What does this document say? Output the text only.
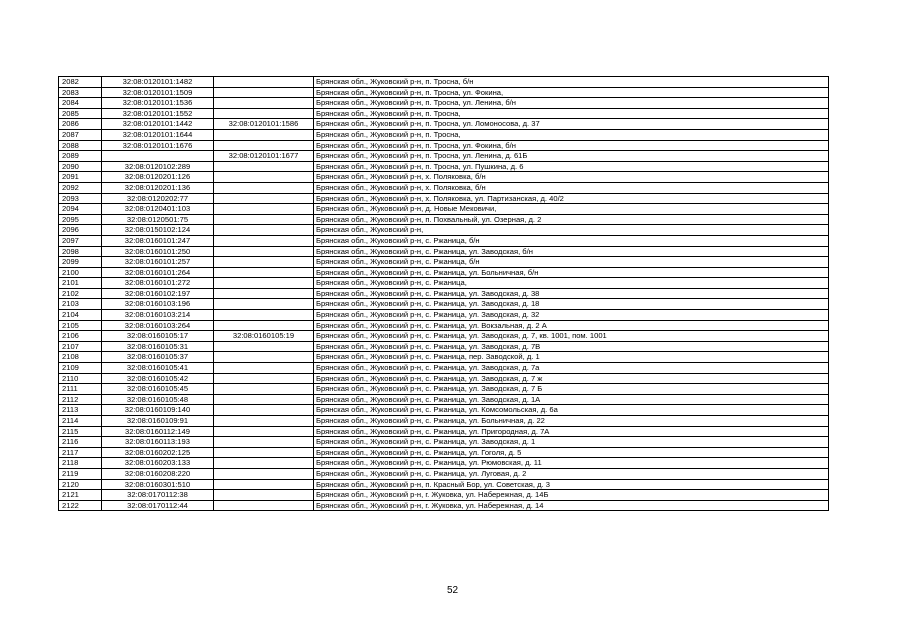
2082	32:08:0120101:1482		Брянская обл., Жуковский р-н, п. Тросна, б/н
2083	32:08:0120101:1509		Брянская обл., Жуковский р-н, п. Тросна, ул. Фокина,
2084	32:08:0120101:1536		Брянская обл., Жуковский р-н, п. Тросна, ул. Ленина, б/н
2085	32:08:0120101:1552		Брянская обл., Жуковский р-н, п. Тросна,
2086	32:08:0120101:1442	32:08:0120101:1586	Брянская обл., Жуковский р-н, п. Тросна, ул. Ломоносова, д. 37
2087	32:08:0120101:1644		Брянская обл., Жуковский р-н, п. Тросна,
2088	32:08:0120101:1676		Брянская обл., Жуковский р-н, п. Тросна, ул. Фокина, б/н
2089		32:08:0120101:1677	Брянская обл., Жуковский р-н, п. Тросна, ул. Ленина, д. 61Б
2090	32:08:0120102:289		Брянская обл., Жуковский р-н, п. Тросна, ул. Пушкина, д. 6
2091	32:08:0120201:126		Брянская обл., Жуковский р-н, х. Поляковка, б/н
2092	32:08:0120201:136		Брянская обл., Жуковский р-н, х. Поляковка, б/н
2093	32:08:0120202:77		Брянская обл., Жуковский р-н, х. Поляковка, ул. Партизанская, д. 40/2
2094	32:08:0120401:103		Брянская обл., Жуковский р-н, д. Новые Мековичи,
2095	32:08:0120501:75		Брянская обл., Жуковский р-н, п. Похвальный, ул. Озерная, д. 2
2096	32:08:0150102:124		Брянская обл., Жуковский р-н,
2097	32:08:0160101:247		Брянская обл., Жуковский р-н, с. Ржаница, б/н
2098	32:08:0160101:250		Брянская обл., Жуковский р-н, с. Ржаница, ул. Заводская, б/н
2099	32:08:0160101:257		Брянская обл., Жуковский р-н, с. Ржаница, б/н
2100	32:08:0160101:264		Брянская обл., Жуковский р-н, с. Ржаница, ул. Больничная, б/н
2101	32:08:0160101:272		Брянская обл., Жуковский р-н, с. Ржаница,
2102	32:08:0160102:197		Брянская обл., Жуковский р-н, с. Ржаница, ул. Заводская, д. 38
2103	32:08:0160103:196		Брянская обл., Жуковский р-н, с. Ржаница, ул. Заводская, д. 18
2104	32:08:0160103:214		Брянская обл., Жуковский р-н, с. Ржаница, ул. Заводская, д. 32
2105	32:08:0160103:264		Брянская обл., Жуковский р-н, с. Ржаница, ул. Вокзальная, д. 2 А
2106	32:08:0160105:17	32:08:0160105:19	Брянская обл., Жуковский р-н, с. Ржаница, ул. Заводская, д. 7, кв. 1001, пом. 1001
2107	32:08:0160105:31		Брянская обл., Жуковский р-н, с. Ржаница, ул. Заводская, д. 7В
2108	32:08:0160105:37		Брянская обл., Жуковский р-н, с. Ржаница, пер. Заводской, д. 1
2109	32:08:0160105:41		Брянская обл., Жуковский р-н, с. Ржаница, ул. Заводская, д. 7а
2110	32:08:0160105:42		Брянская обл., Жуковский р-н, с. Ржаница, ул. Заводская, д. 7 ж
2111	32:08:0160105:45		Брянская обл., Жуковский р-н, с. Ржаница, ул. Заводская, д. 7 Б
2112	32:08:0160105:48		Брянская обл., Жуковский р-н, с. Ржаница, ул. Заводская, д. 1А
2113	32:08:0160109:140		Брянская обл., Жуковский р-н, с. Ржаница, ул. Комсомольская, д. 6а
2114	32:08:0160109:91		Брянская обл., Жуковский р-н, с. Ржаница, ул. Больничная, д. 22
2115	32:08:0160112:149		Брянская обл., Жуковский р-н, с. Ржаница, ул. Пригородная, д. 7А
2116	32:08:0160113:193		Брянская обл., Жуковский р-н, с. Ржаница, ул. Заводская, д. 1
2117	32:08:0160202:125		Брянская обл., Жуковский р-н, с. Ржаница, ул. Гоголя, д. 5
2118	32:08:0160203:133		Брянская обл., Жуковский р-н, с. Ржаница, ул. Рюмовская, д. 11
2119	32:08:0160208:220		Брянская обл., Жуковский р-н, с. Ржаница, ул. Луговая, д. 2
2120	32:08:0160301:510		Брянская обл., Жуковский р-н, п. Красный Бор, ул. Советская, д. 3
2121	32:08:0170112:38		Брянская обл., Жуковский р-н, г. Жуковка, ул. Набережная, д. 14Б
2122	32:08:0170112:44		Брянская обл., Жуковский р-н, г. Жуковка, ул. Набережная, д. 14
52
